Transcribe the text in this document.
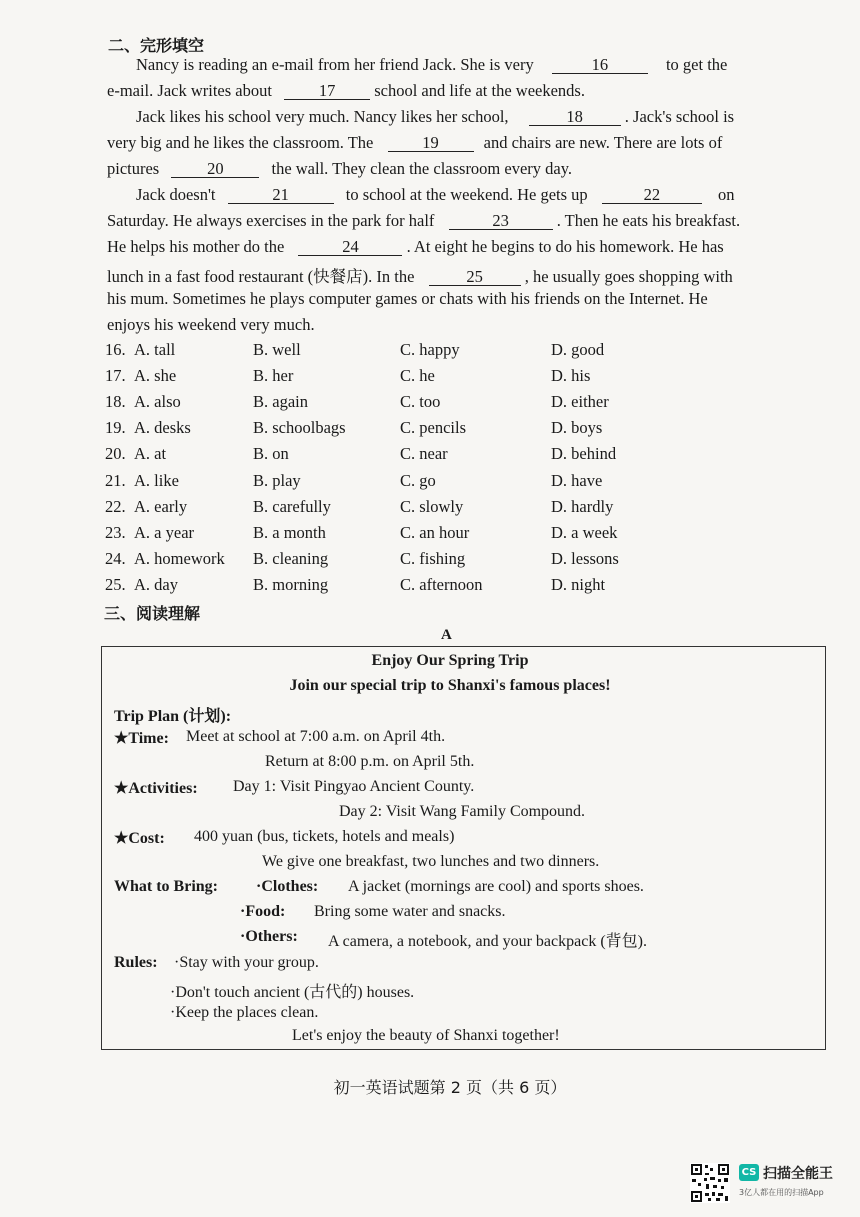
二、完形填空
Nancy is reading an e-mail from her friend Jack. She is very	16	to get the
e-mail. Jack writes about	17 school and life at the weekends.
Jack likes his school very much. Nancy likes her school,	18	. Jack's school is
very big and he likes the classroom. The	19	and chairs are new. There are lots of
pictures	20	the wall. They clean the classroom every day.
Jack doesn't	21	to school at the weekend. He gets up	22	on
Saturday. He always exercises in the park for half	23	. Then he eats his breakfast.
He helps his mother do the	24	. At eight he begins to do his homework. He has
lunch in a fast food restaurant (快餐店). In the	25	, he usually goes shopping with
his mum. Sometimes he plays computer games or chats with his friends on the Internet. He
enjoys his weekend very much.
16. A. tall	B. well	C. happy	D. good
17. A. she	B. her	C. he	D. his
18. A. also	B. again	C. too	D. either
19. A. desks	B. schoolbags	C. pencils	D. boys
20. A. at	B. on	C. near	D. behind
21. A. like	B. play	C. go	D. have
22. A. early	B. carefully	C. slowly	D. hardly
23. A. a year	B. a month	C. an hour	D. a week
24. A. homework B. cleaning	C. fishing	D. lessons
25. A. day	B. morning	C. afternoon	D. night
三、阅读理解
A
Enjoy Our Spring Trip
Join our special trip to Shanxi's famous places!
Trip Plan (计划):
★Time: Meet at school at 7:00 a.m. on April 4th.
Return at 8:00 p.m. on April 5th.
★Activities: Day 1: Visit Pingyao Ancient County.
Day 2: Visit Wang Family Compound.
★Cost: 400 yuan (bus, tickets, hotels and meals)
We give one breakfast, two lunches and two dinners.
What to Bring: ·Clothes: A jacket (mornings are cool) and sports shoes.
·Food: Bring some water and snacks.
·Others: A camera, a notebook, and your backpack (背包).
Rules: ·Stay with your group.
·Don't touch ancient (古代的) houses.
·Keep the places clean.
Let's enjoy the beauty of Shanxi together!
初一英语试题第 2 页（共 6 页）
CS 扫描全能王
3亿人都在用的扫描App
